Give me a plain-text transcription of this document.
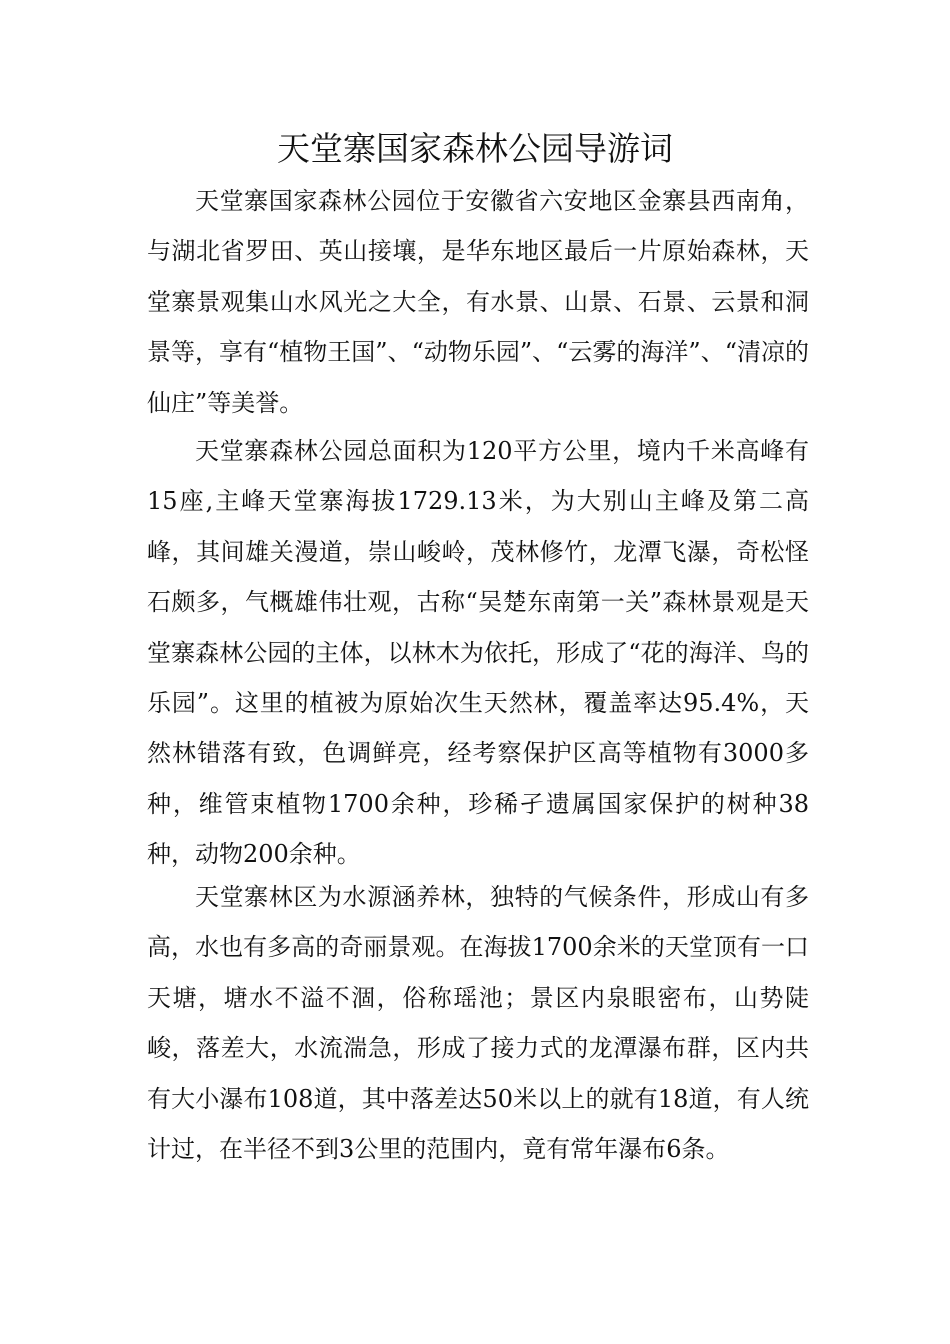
天堂寨国家森林公园导游词

天堂寨国家森林公园位于安徽省六安地区金寨县西南角，与湖北省罗田、英山接壤，是华东地区最后一片原始森林，天堂寨景观集山水风光之大全，有水景、山景、石景、云景和洞景等，享有“植物王国”、“动物乐园”、“云雾的海洋”、“清凉的仙庄”等美誉。

天堂寨森林公园总面积为120平方公里，境内千米高峰有15座,主峰天堂寨海拔1729.13米，为大别山主峰及第二高峰，其间雄关漫道，崇山峻岭，茂林修竹，龙潭飞瀑，奇松怪石颇多，气概雄伟壮观，古称“吴楚东南第一关”森林景观是天堂寨森林公园的主体，以林木为依托，形成了“花的海洋、鸟的乐园”。这里的植被为原始次生天然林，覆盖率达95.4%，天然林错落有致，色调鲜亮，经考察保护区高等植物有3000多种，维管束植物1700余种，珍稀孑遗属国家保护的树种38种，动物200余种。

天堂寨林区为水源涵养林，独特的气候条件，形成山有多高，水也有多高的奇丽景观。在海拔1700余米的天堂顶有一口天塘，塘水不溢不涸，俗称瑶池；景区内泉眼密布，山势陡峻，落差大，水流湍急，形成了接力式的龙潭瀑布群，区内共有大小瀑布108道，其中落差达50米以上的就有18道，有人统计过，在半径不到3公里的范围内，竟有常年瀑布6条。
